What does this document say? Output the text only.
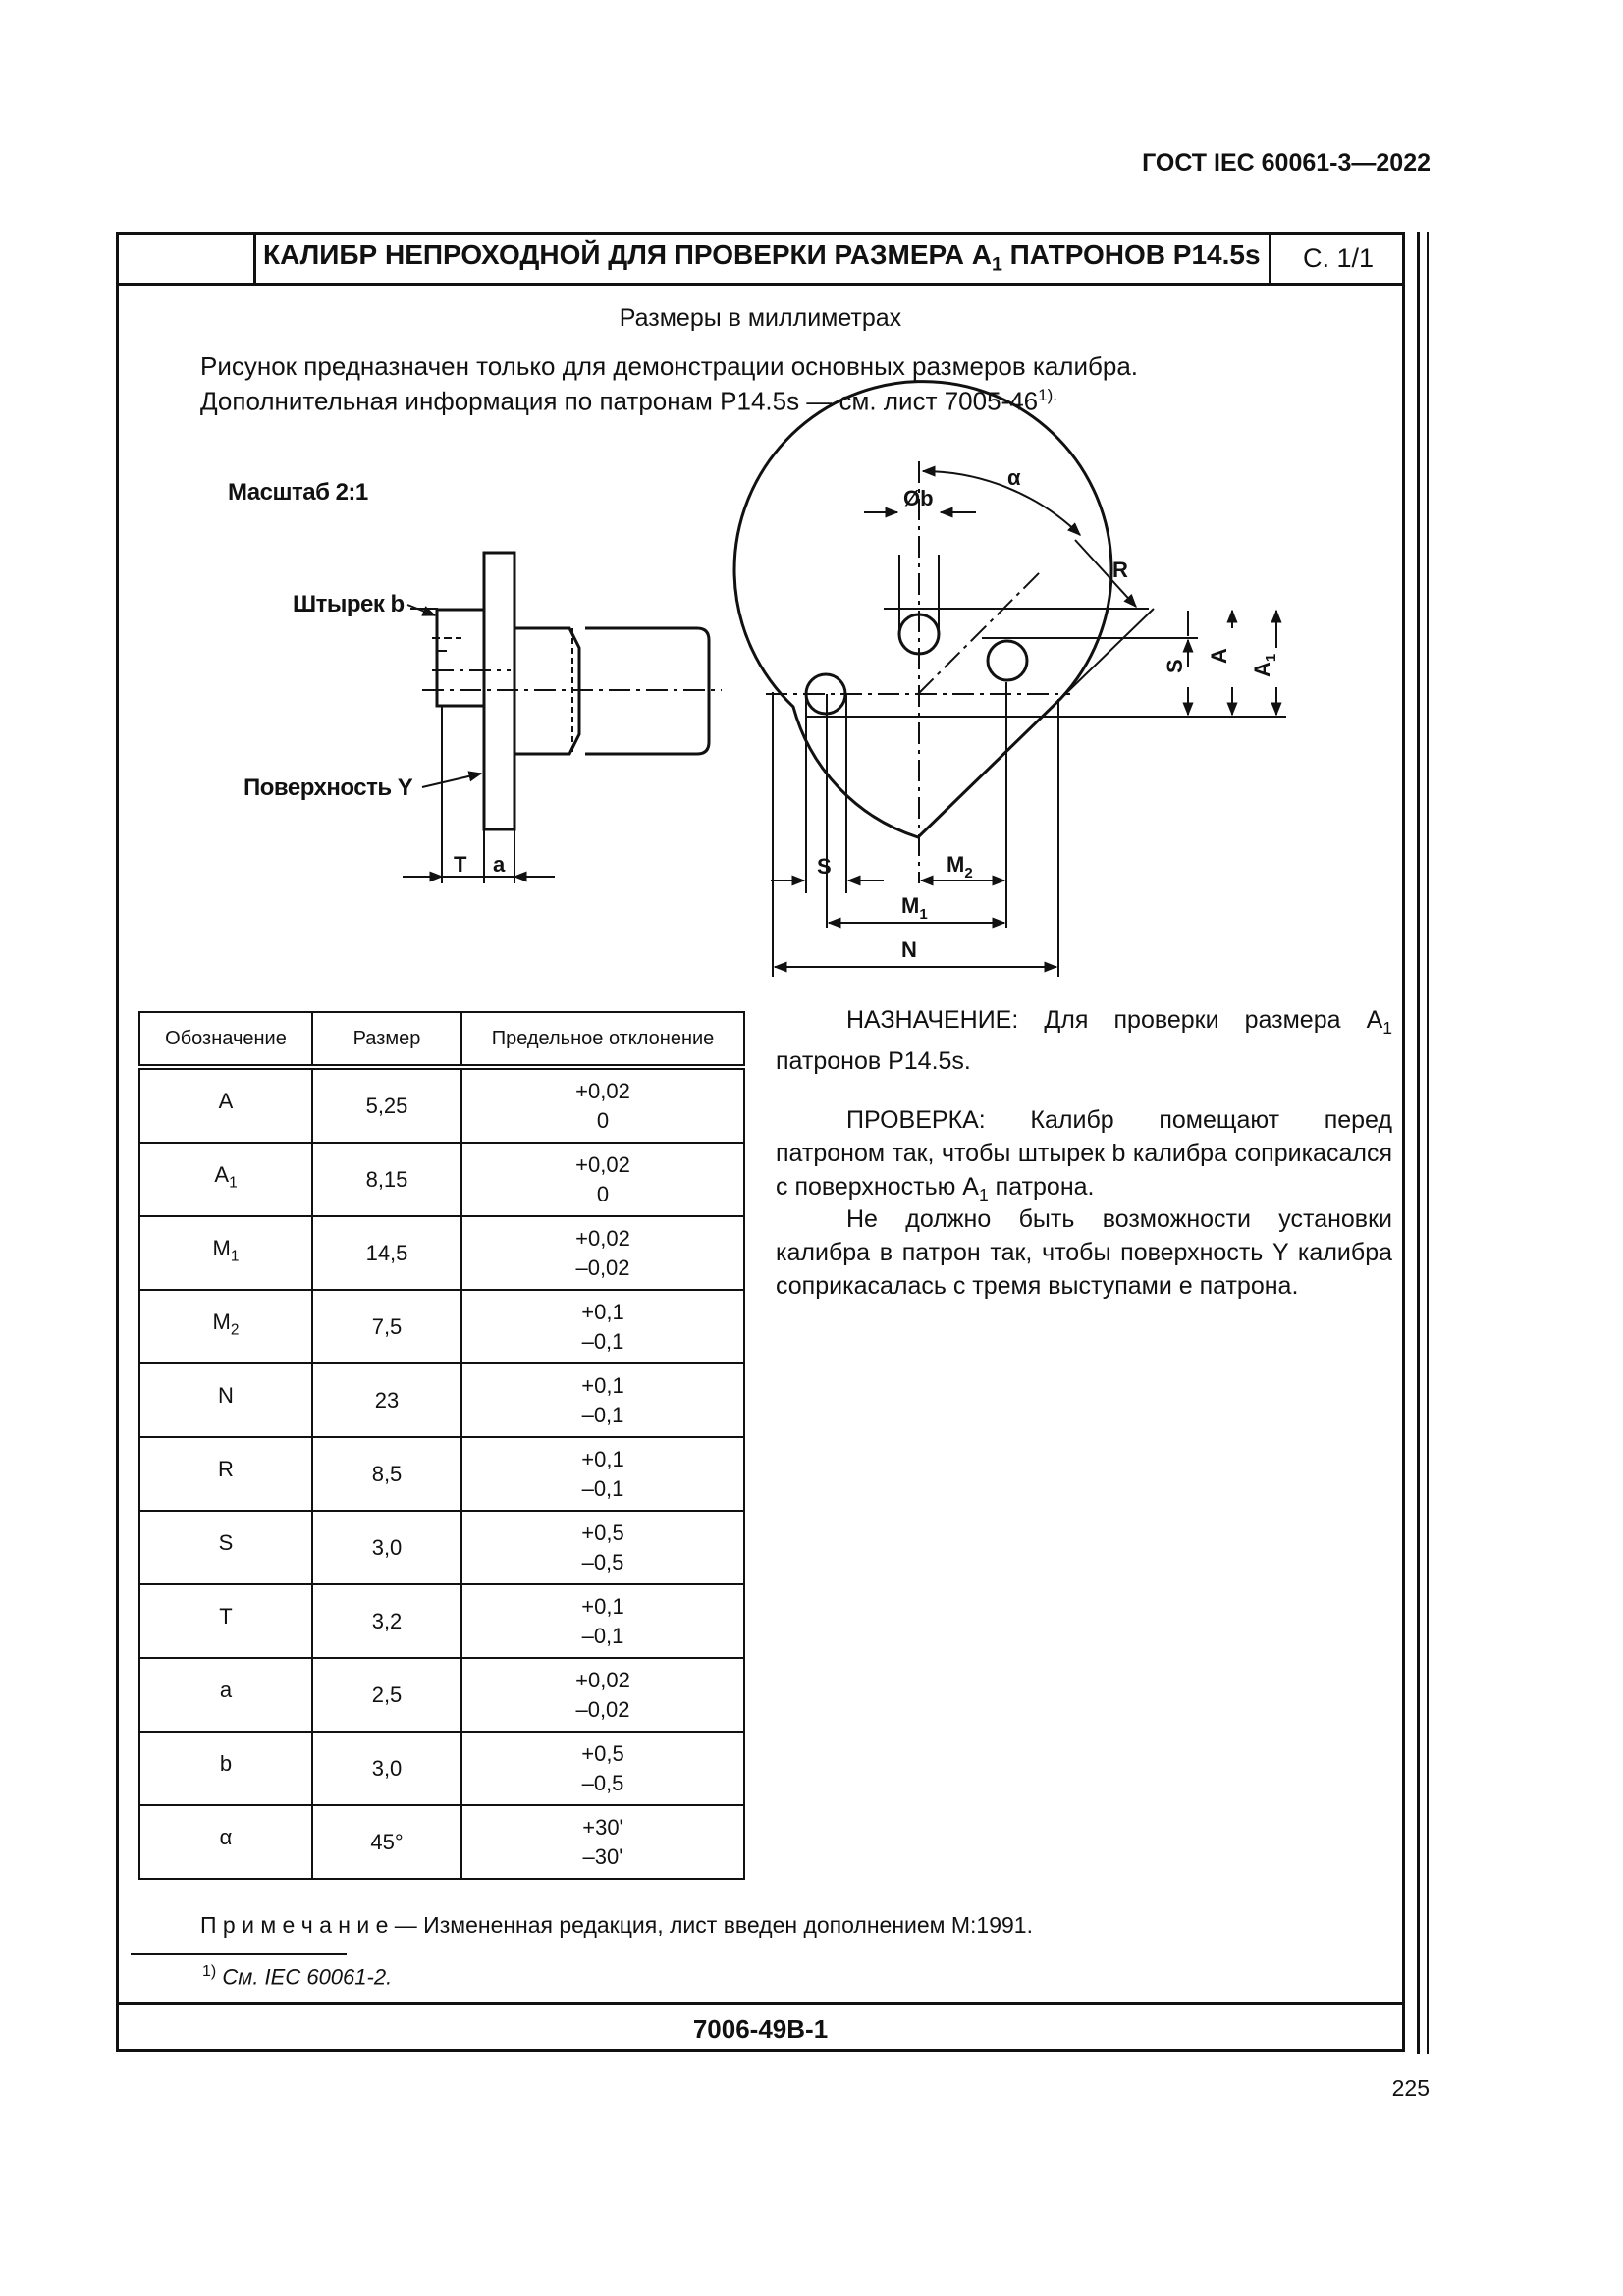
ГОСТ IEC 60061-3—2022
КАЛИБР НЕПРОХОДНОЙ ДЛЯ ПРОВЕРКИ РАЗМЕРА $А_1$ ПАТРОНОВ P14.5s	С. 1/1
Размеры в миллиметрах
Рисунок предназначен только для демонстрации основных размеров калибра.
Дополнительная информация по патронам P14.5s — см. лист $7005-46^{1).}$
Масштаб 2:1
Штырек b
Поверхность Y
T a	S	$M_2$
$M_1$
N
R
Øb
α
S
A
$A_1$
Обозначение	Размер	Предельное отклонение
A	5,25	+0,02
0

$A_1$	8,15	+0,02
0

$M_1$	14,5	+0,02
–0,02

$M_2$	7,5	+0,1
–0,1

N	23	+0,1
–0,1

R	8,5	+0,1
–0,1

S	3,0	+0,5
–0,5

T	3,2	+0,1
–0,1

a	2,5	+0,02
–0,02

b	3,0	+0,5
–0,5

α	45°	+30'
–30'
НАЗНАЧЕНИЕ: Для проверки размера $А_1$ патронов P14.5s.
ПРОВЕРКА: Калибр помещают перед патроном так, чтобы штырек b калибра соприкасался с поверхностью $А_1$ патрона.
Не должно быть возможности установки калибра в патрон так, чтобы поверхность Y калибра соприкасалась с тремя выступами е патрона.
П р и м е ч а н и е — Измененная редакция, лист введен дополнением М:1991.
$^{1)}$ См. IEC 60061-2.
7006-49В-1
225
